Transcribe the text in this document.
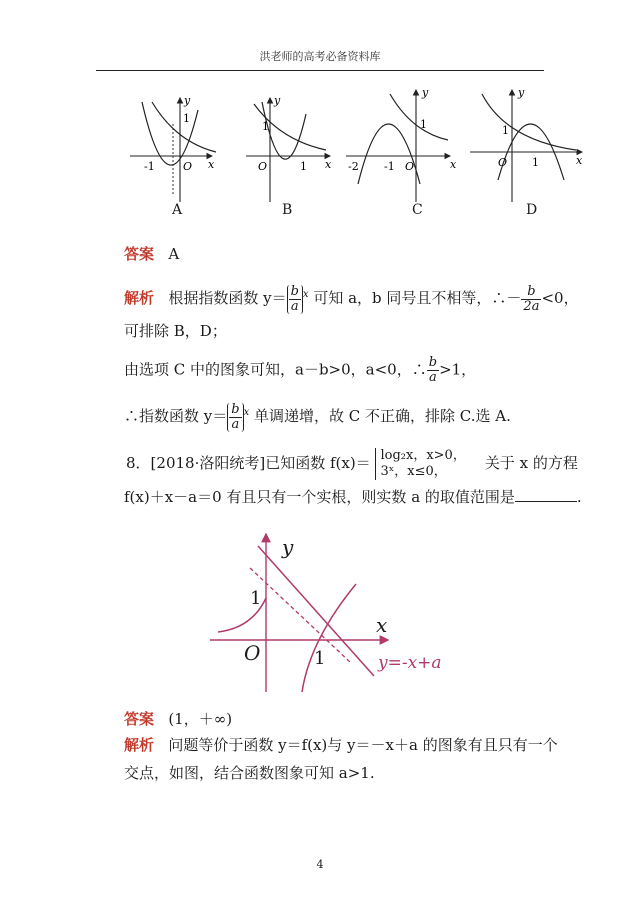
洪老师的高考必备资料库
-1	O
1
y
x	O	1
1
y
x -2 -1 O
1
y
x	O 1
1
y
x
A	B	C	D
答案 A
解析 根据指数函数 $y= \frac{b}{a} ^x$ 可知 a，b 同号且不相等，∴－ $\frac{b}{2a} <0$，
可排除 B，D；
由选项 C 中的图象可知，a－b>0，a<0，∴ $\frac{b}{a} >1$，
∴指数函数 $y= \frac{b}{a} ^x$ 单调递增，故 C 不正确，排除 C.选 A.
8．[2018·洛阳统考]已知函数 f(x)＝ log₂x，x>0，
3ˣ，x≤0，	关于 x 的方程
f(x)＋x－a＝0 有且只有一个实根，则实数 a 的取值范围是	.
y
x
O	1
1
y=-x+a
答案 (1，＋∞)
解析 问题等价于函数 y＝f(x)与 y＝－x＋a 的图象有且只有一个
交点，如图，结合函数图象可知 a>1.
4
